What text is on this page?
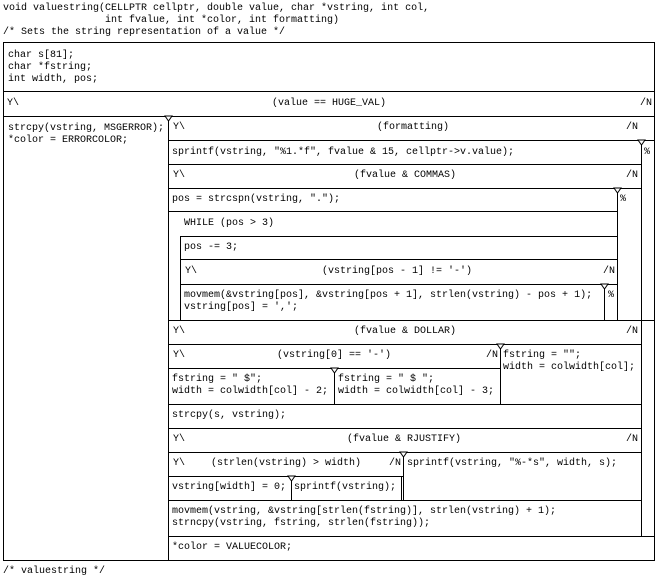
void valuestring(CELLPTR cellptr, double value, char *vstring, int col,
int fvalue, int *color, int formatting)
/* Sets the string representation of a value */
char s[81];
char *fstring;
int width, pos;
Y\	(value == HUGE_VAL)	/N
strcpy(vstring, MSGERROR);
*color = ERRORCOLOR;
Y\	(formatting)	/N
%
sprintf(vstring, "%1.*f", fvalue & 15, cellptr->v.value);
Y\	(fvalue & COMMAS)	/N
%
pos = strcspn(vstring, ".");
WHILE (pos > 3)
pos -= 3;
Y\	(vstring[pos - 1] != '-')	/N
%
movmem(&vstring[pos], &vstring[pos + 1], strlen(vstring) - pos + 1);
vstring[pos] = ',';
Y\	(fvalue & DOLLAR)	/N
Y\	(vstring[0] == '-')	/N
fstring = " $";
width = colwidth[col] - 2;
fstring = " $ ";
width = colwidth[col] - 3;
fstring = "";
width = colwidth[col];
strcpy(s, vstring);
Y\	(fvalue & RJUSTIFY)	/N
Y\	(strlen(vstring) > width)	/N sprintf(vstring, "%-*s", width, s);
vstring[width] = 0; sprintf(vstring);
movmem(vstring, &vstring[strlen(fstring)], strlen(vstring) + 1);
strncpy(vstring, fstring, strlen(fstring));
*color = VALUECOLOR;
/* valuestring */
